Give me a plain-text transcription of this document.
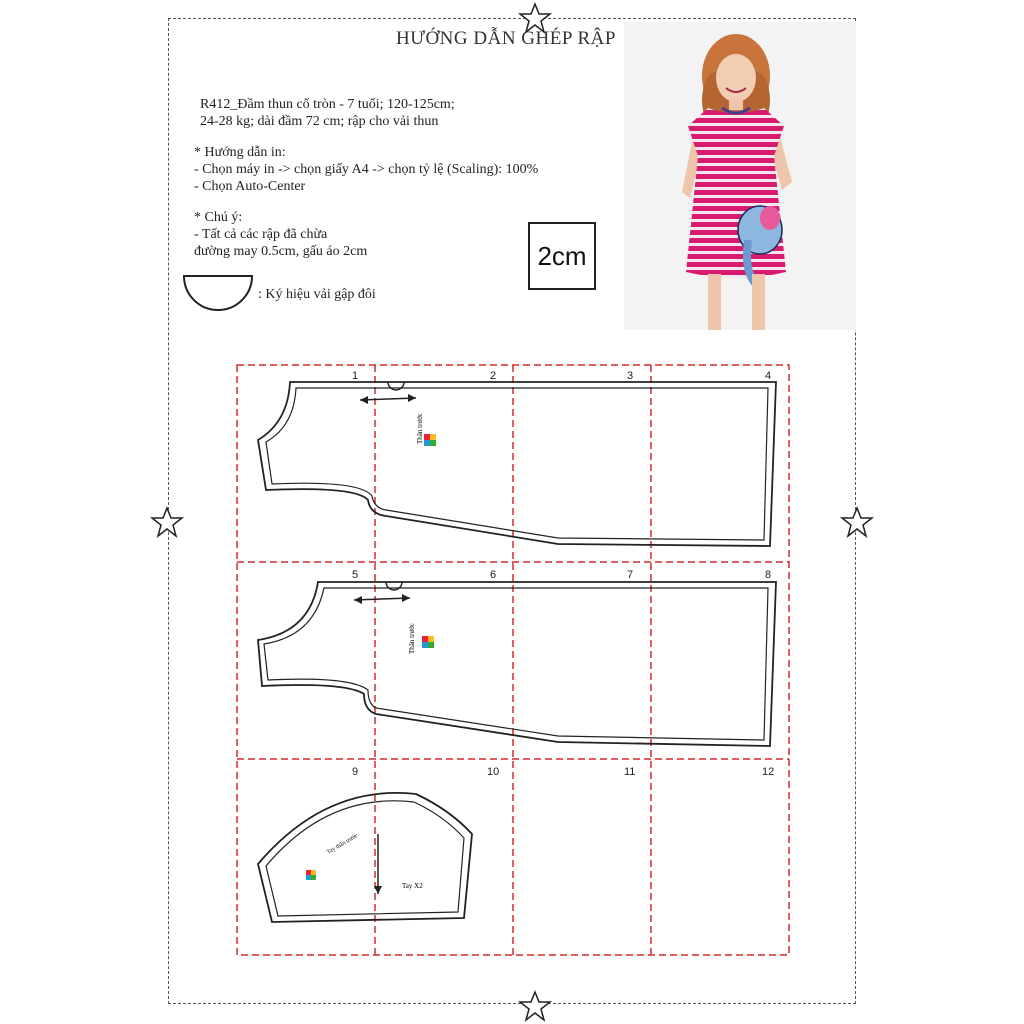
HƯỚNG DẪN GHÉP RẬP
R412_Đầm thun cổ tròn - 7 tuổi; 120-125cm;
24-28 kg; dài đầm 72 cm; rập cho vải thun
* Hướng dẫn in:
- Chọn máy in -> chọn giấy A4 -> chọn tỷ lệ (Scaling): 100%
- Chọn Auto-Center
* Chú ý:
- Tất cả các rập đã chừa
đường may 0.5cm, gấu áo 2cm	2cm
: Ký hiệu vải gập đôi
Thân trước
Thân trước
Tay thân trước
Tay X2
1	2	3	4
5	6	7	8
9	10	11	12
